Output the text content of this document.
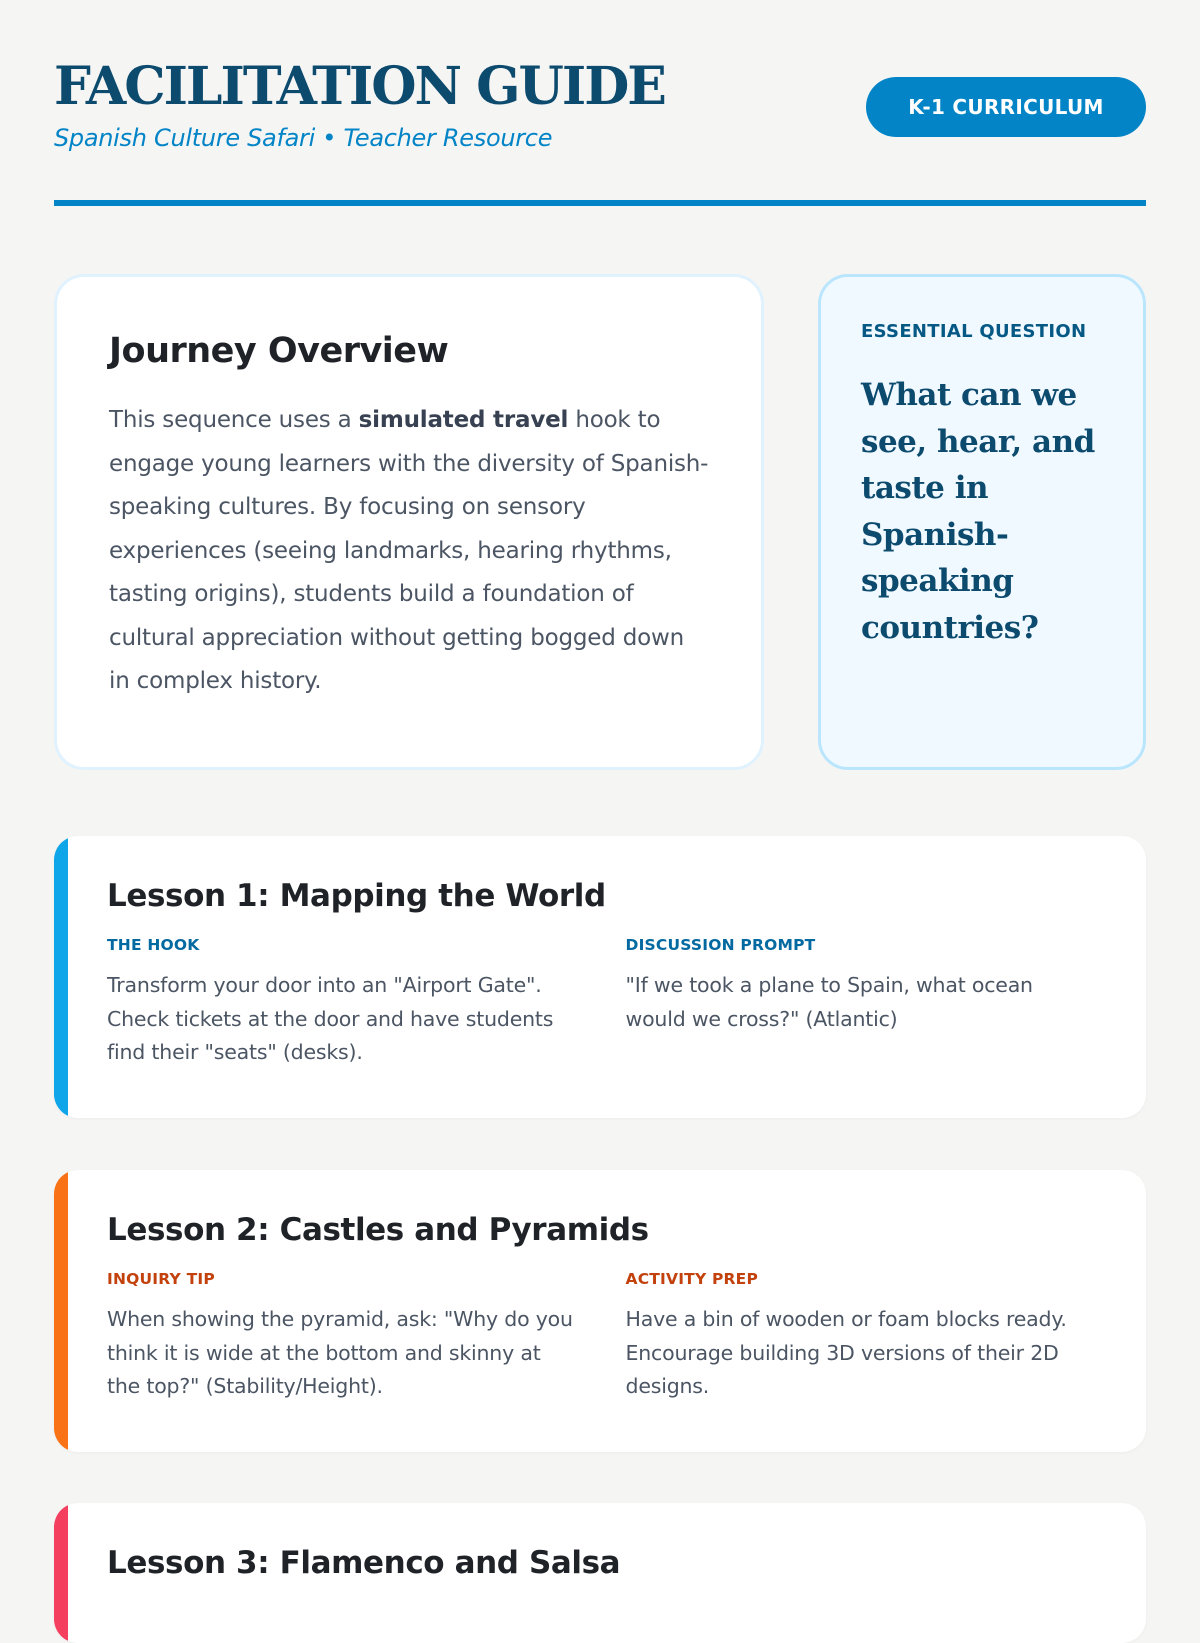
FACILITATION GUIDE
Spanish Culture Safari • Teacher Resource
K-1 CURRICULUM
Journey Overview

This sequence uses a simulated travel hook to engage young learners with the diversity of Spanish-speaking cultures. By focusing on sensory experiences (seeing landmarks, hearing rhythms, tasting origins), students build a foundation of cultural appreciation without getting bogged down in complex history.

ESSENTIAL QUESTION
What can we see, hear, and taste in Spanish-speaking countries?
Lesson 1: Mapping the World
THE HOOK
Transform your door into an "Airport Gate". Check tickets at the door and have students find their "seats" (desks).
DISCUSSION PROMPT
"If we took a plane to Spain, what ocean would we cross?" (Atlantic)
Lesson 2: Castles and Pyramids
INQUIRY TIP
When showing the pyramid, ask: "Why do you think it is wide at the bottom and skinny at the top?" (Stability/Height).
ACTIVITY PREP
Have a bin of wooden or foam blocks ready. Encourage building 3D versions of their 2D designs.
Lesson 3: Flamenco and Salsa
